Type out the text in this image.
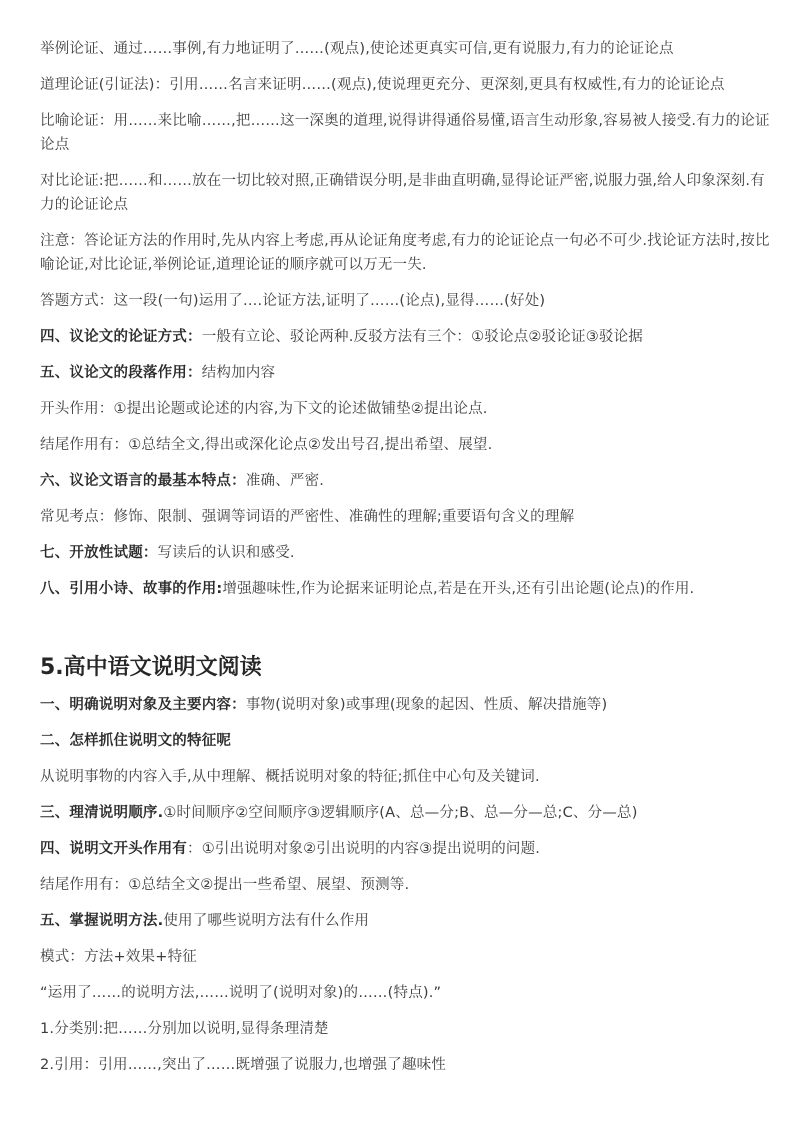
举例论证、通过……事例,有力地证明了……(观点),使论述更真实可信,更有说服力,有力的论证论点

道理论证(引证法)：引用……名言来证明……(观点),使说理更充分、更深刻,更具有权威性,有力的论证论点

比喻论证：用……来比喻……,把……这一深奥的道理,说得讲得通俗易懂,语言生动形象,容易被人接受.有力的论证论点

对比论证:把……和……放在一切比较对照,正确错误分明,是非曲直明确,显得论证严密,说服力强,给人印象深刻.有力的论证论点

注意：答论证方法的作用时,先从内容上考虑,再从论证角度考虑,有力的论证论点一句必不可少.找论证方法时,按比喻论证,对比论证,举例论证,道理论证的顺序就可以万无一失.

答题方式：这一段(一句)运用了….论证方法,证明了……(论点),显得……(好处)

四、议论文的论证方式：一般有立论、驳论两种.反驳方法有三个：①驳论点②驳论证③驳论据

五、议论文的段落作用：结构加内容

开头作用：①提出论题或论述的内容,为下文的论述做铺垫②提出论点.

结尾作用有：①总结全文,得出或深化论点②发出号召,提出希望、展望.

六、议论文语言的最基本特点：准确、严密.

常见考点：修饰、限制、强调等词语的严密性、准确性的理解;重要语句含义的理解

七、开放性试题：写读后的认识和感受.

八、引用小诗、故事的作用:增强趣味性,作为论据来证明论点,若是在开头,还有引出论题(论点)的作用.

5.高中语文说明文阅读

一、明确说明对象及主要内容：事物(说明对象)或事理(现象的起因、性质、解决措施等)

二、怎样抓住说明文的特征呢

从说明事物的内容入手,从中理解、概括说明对象的特征;抓住中心句及关键词.

三、理清说明顺序.①时间顺序②空间顺序③逻辑顺序(A、总—分;B、总—分—总;C、分—总)

四、说明文开头作用有：①引出说明对象②引出说明的内容③提出说明的问题.

结尾作用有：①总结全文②提出一些希望、展望、预测等.

五、掌握说明方法.使用了哪些说明方法有什么作用

模式：方法+效果+特征

“运用了……的说明方法,……说明了(说明对象)的……(特点).”

1.分类别:把……分别加以说明,显得条理清楚

2.引用：引用……,突出了……既增强了说服力,也增强了趣味性
